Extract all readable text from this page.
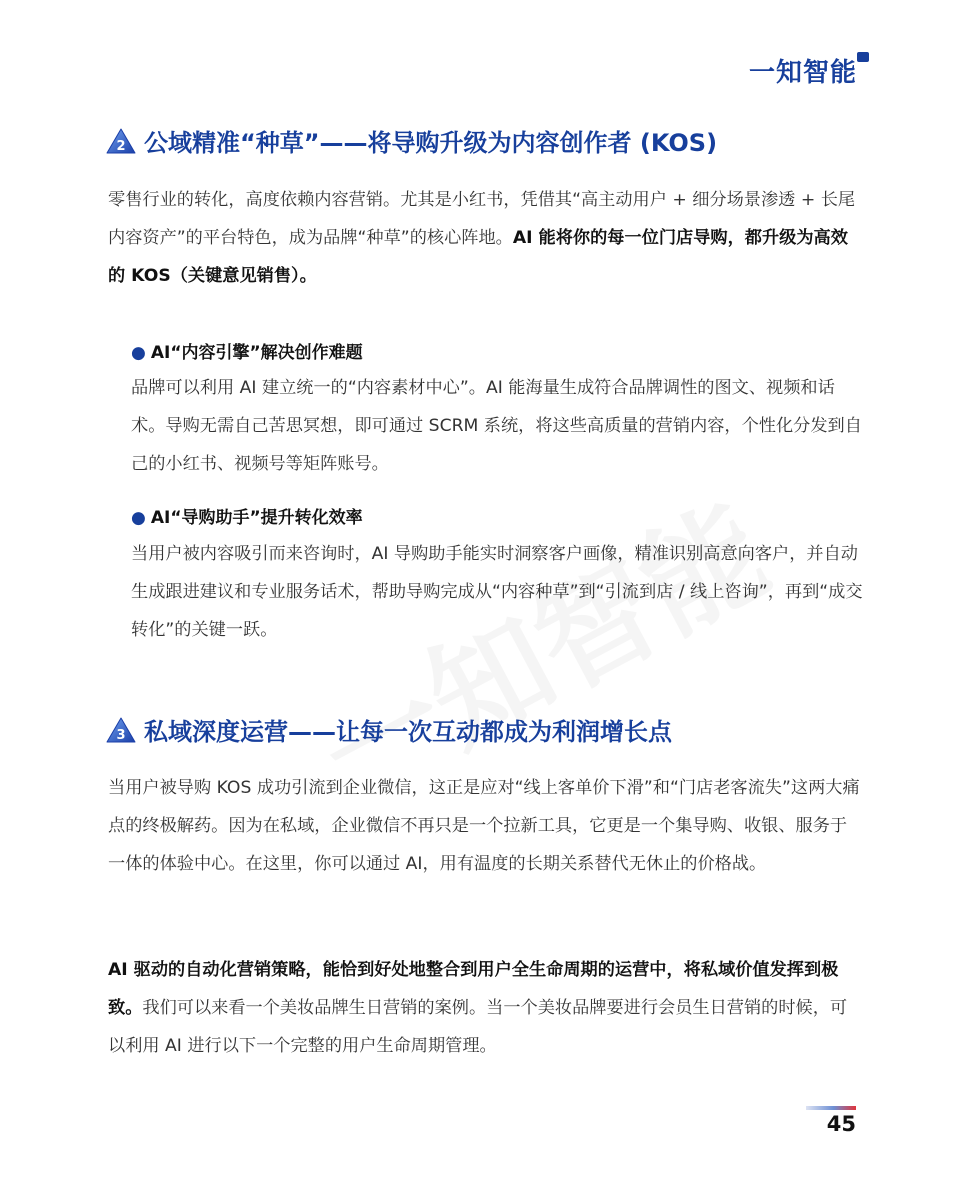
一知智能
2 公域精准“种草”——将导购升级为内容创作者 (KOS)

零售行业的转化，高度依赖内容营销。尤其是小红书，凭借其“高主动用户 + 细分场景渗透 + 长尾内容资产”的平台特色，成为品牌“种草”的核心阵地。AI 能将你的每一位门店导购，都升级为高效的 KOS（关键意见销售）。

● AI“内容引擎”解决创作难题

品牌可以利用 AI 建立统一的“内容素材中心”。AI 能海量生成符合品牌调性的图文、视频和话术。导购无需自己苦思冥想，即可通过 SCRM 系统，将这些高质量的营销内容，个性化分发到自己的小红书、视频号等矩阵账号。

● AI“导购助手”提升转化效率

当用户被内容吸引而来咨询时，AI 导购助手能实时洞察客户画像，精准识别高意向客户，并自动生成跟进建议和专业服务话术，帮助导购完成从“内容种草”到“引流到店 / 线上咨询”，再到“成交转化”的关键一跃。

3 私域深度运营——让每一次互动都成为利润增长点

当用户被导购 KOS 成功引流到企业微信，这正是应对“线上客单价下滑”和“门店老客流失”这两大痛点的终极解药。因为在私域，企业微信不再只是一个拉新工具，它更是一个集导购、收银、服务于一体的体验中心。在这里，你可以通过 AI，用有温度的长期关系替代无休止的价格战。

AI 驱动的自动化营销策略，能恰到好处地整合到用户全生命周期的运营中，将私域价值发挥到极致。我们可以来看一个美妆品牌生日营销的案例。当一个美妆品牌要进行会员生日营销的时候，可以利用 AI 进行以下一个完整的用户生命周期管理。

45
